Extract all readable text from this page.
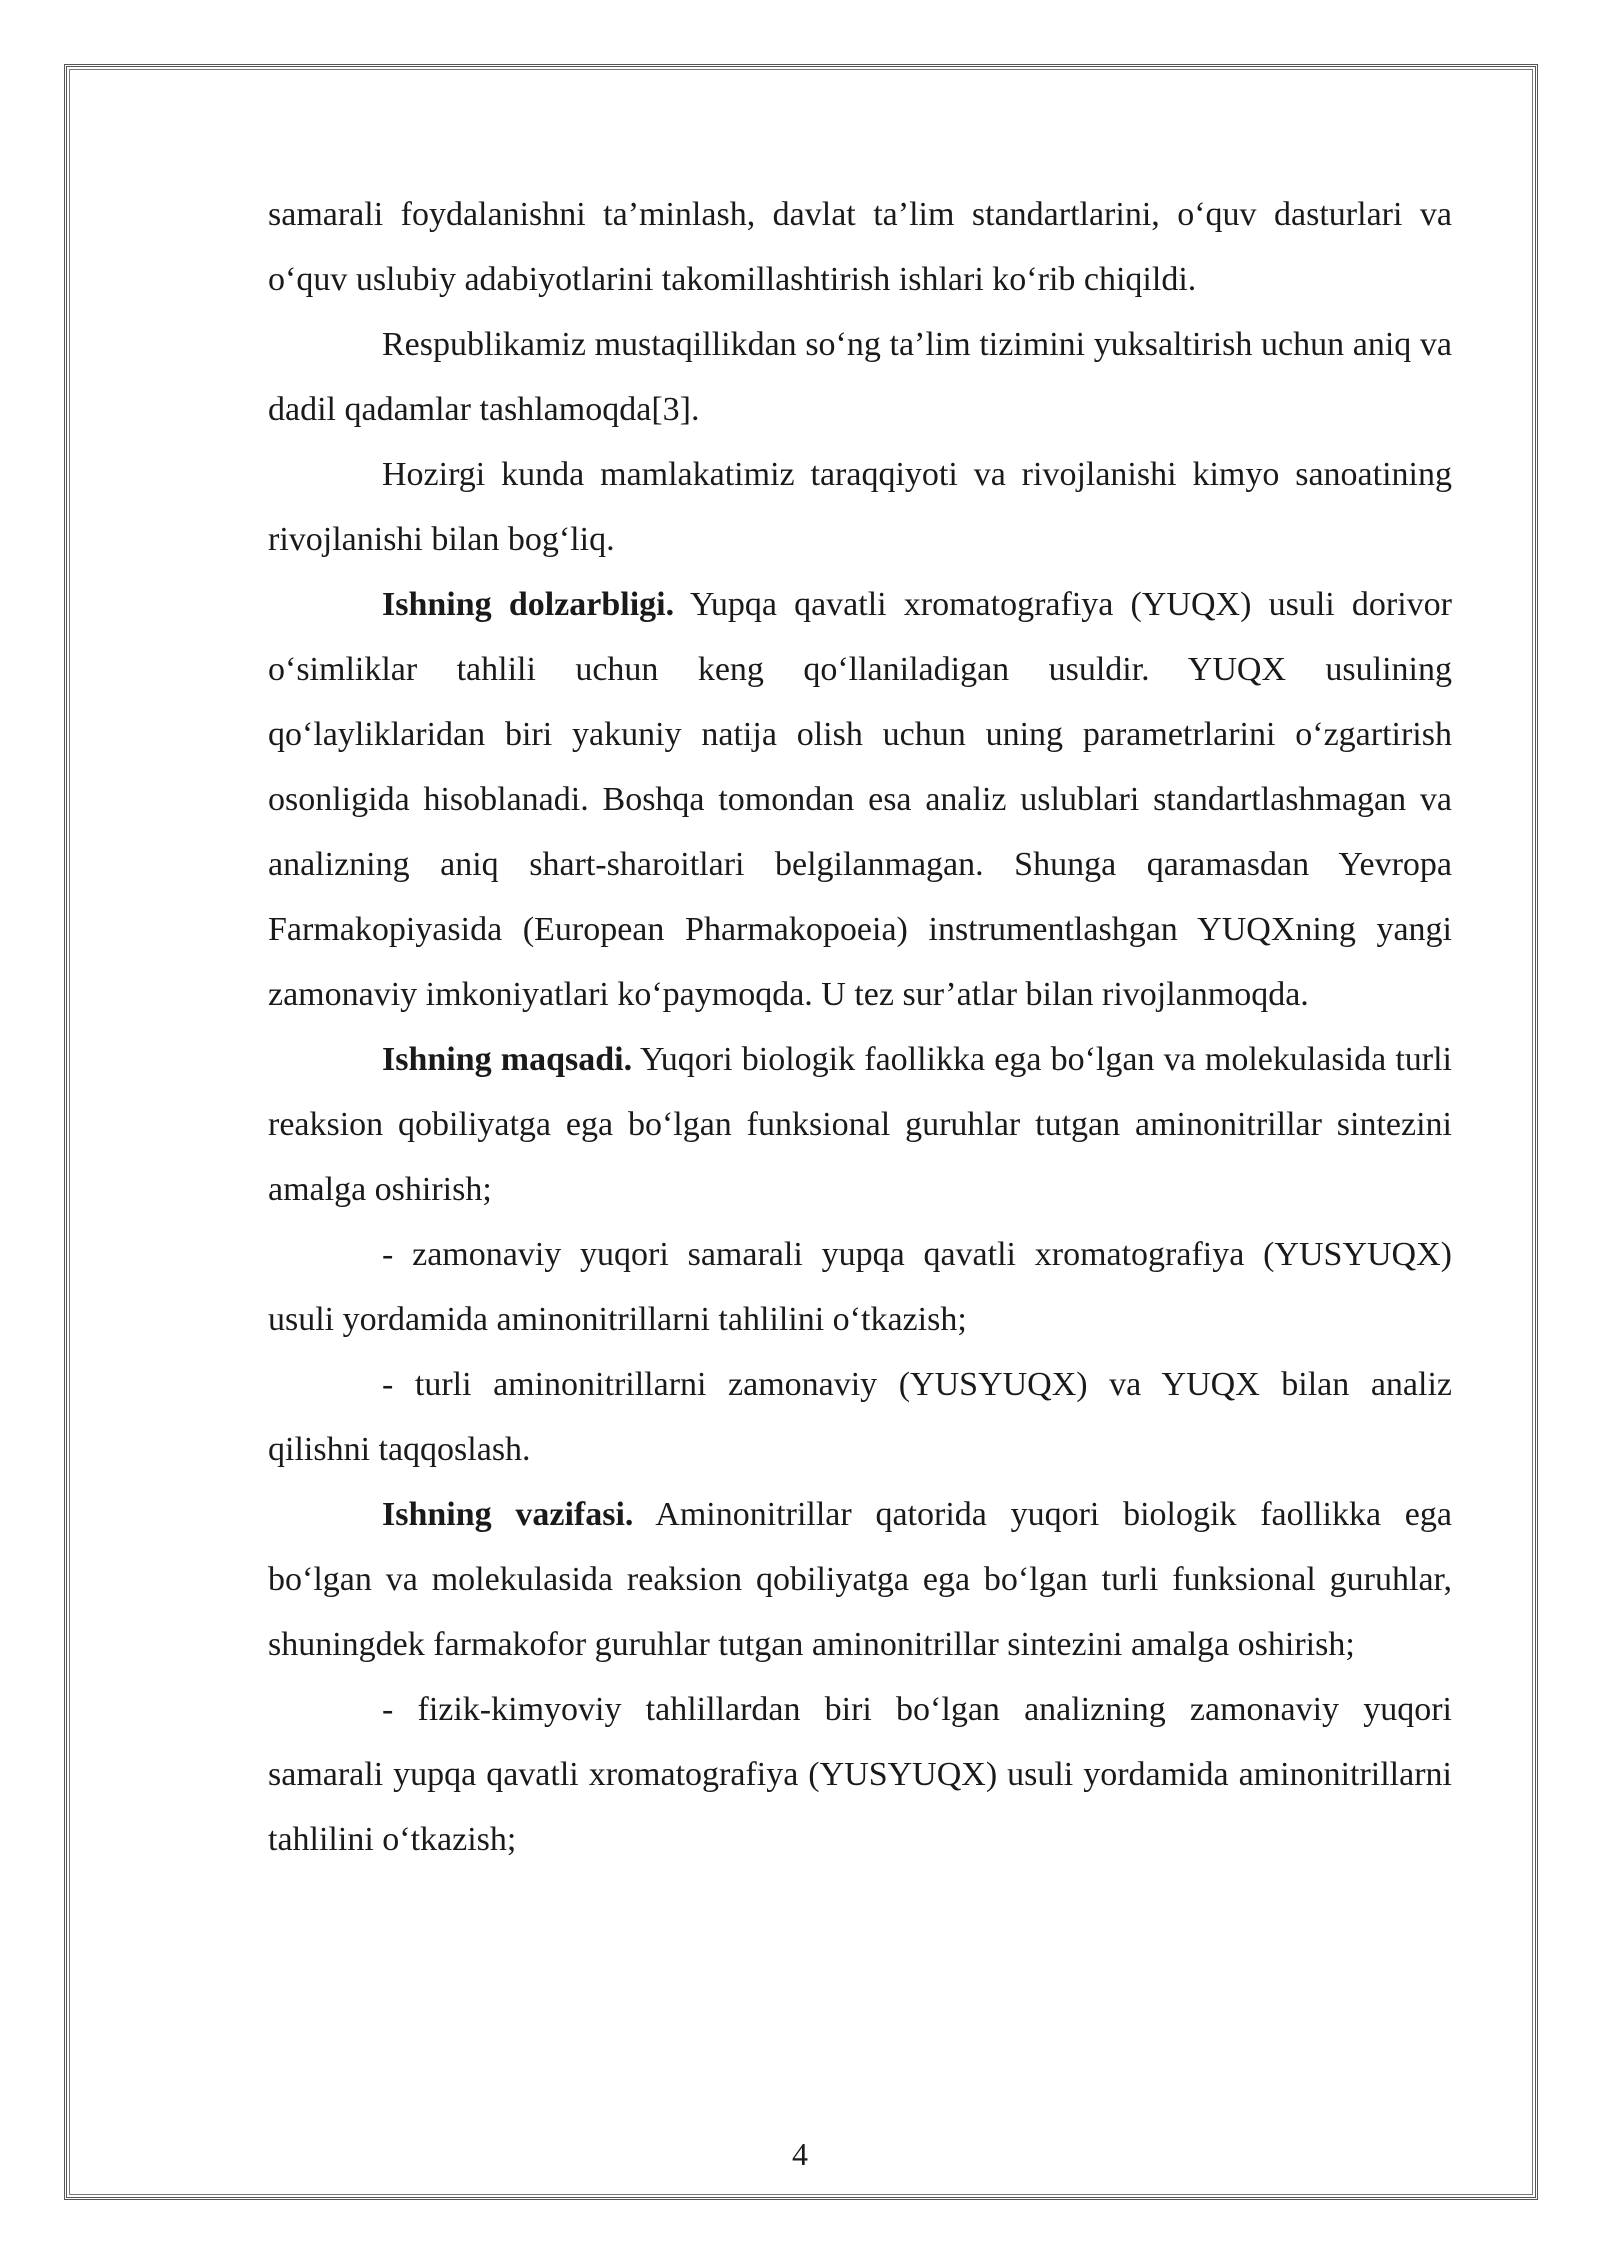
samarali foydalanishni ta’minlash, davlat ta’lim standartlarini, o‘quv dasturlari va o‘quv uslubiy adabiyotlarini takomillashtirish ishlari ko‘rib chiqildi.

Respublikamiz mustaqillikdan so‘ng ta’lim tizimini yuksaltirish uchun aniq va dadil qadamlar tashlamoqda[3].

Hozirgi kunda mamlakatimiz taraqqiyoti va rivojlanishi kimyo sanoatining rivojlanishi bilan bog‘liq.

Ishning dolzarbligi. Yupqa qavatli xromatografiya (YUQX) usuli dorivor o‘simliklar tahlili uchun keng qo‘llaniladigan usuldir. YUQX usulining qo‘layliklaridan biri yakuniy natija olish uchun uning parametrlarini o‘zgartirish osonligida hisoblanadi. Boshqa tomondan esa analiz uslublari standartlashmagan va analizning aniq shart-sharoitlari belgilanmagan. Shunga qaramasdan Yevropa Farmakopiyasida (European Pharmakopoeia) instrumentlashgan YUQXning yangi zamonaviy imkoniyatlari ko‘paymoqda. U tez sur’atlar bilan rivojlanmoqda.

Ishning maqsadi. Yuqori biologik faollikka ega bo‘lgan va molekulasida turli reaksion qobiliyatga ega bo‘lgan funksional guruhlar tutgan aminonitrillar sintezini amalga oshirish;

- zamonaviy yuqori samarali yupqa qavatli xromatografiya (YUSYUQX) usuli yordamida aminonitrillarni tahlilini o‘tkazish;

- turli aminonitrillarni zamonaviy (YUSYUQX) va YUQX bilan analiz qilishni taqqoslash.

Ishning vazifasi. Aminonitrillar qatorida yuqori biologik faollikka ega bo‘lgan va molekulasida reaksion qobiliyatga ega bo‘lgan turli funksional guruhlar, shuningdek farmakofor guruhlar tutgan aminonitrillar sintezini amalga oshirish;

- fizik-kimyoviy tahlillardan biri bo‘lgan analizning zamonaviy yuqori samarali yupqa qavatli xromatografiya (YUSYUQX) usuli yordamida aminonitrillarni tahlilini o‘tkazish;

4
